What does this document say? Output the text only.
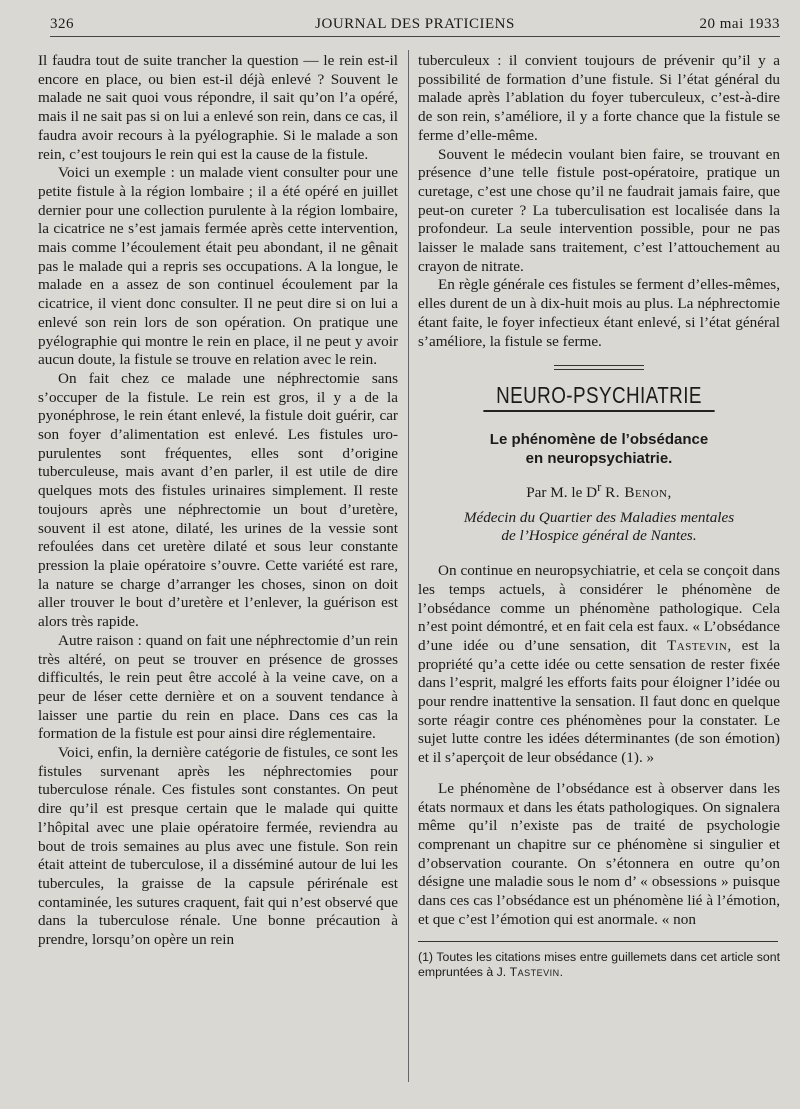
326	JOURNAL DES PRATICIENS	20 mai 1933

Il faudra tout de suite trancher la question — le rein est-il encore en place, ou bien est-il déjà enlevé ? Souvent le malade ne sait quoi vous répondre, il sait qu’on l’a opéré, mais il ne sait pas si on lui a enlevé son rein, dans ce cas, il faudra avoir recours à la pyélographie. Si le malade a son rein, c’est toujours le rein qui est la cause de la fistule.

Voici un exemple : un malade vient consulter pour une petite fistule à la région lombaire ; il a été opéré en juillet dernier pour une collection purulente à la région lombaire, la cicatrice ne s’est jamais fermée après cette intervention, mais comme l’écoulement était peu abondant, il ne gênait pas le malade qui a repris ses occupations. A la longue, le malade en a assez de son continuel écoulement par la cicatrice, il vient donc consulter. Il ne peut dire si on lui a enlevé son rein lors de son opération. On pratique une pyélographie qui montre le rein en place, il ne peut y avoir aucun doute, la fistule se trouve en relation avec le rein.

On fait chez ce malade une néphrectomie sans s’occuper de la fistule. Le rein est gros, il y a de la pyonéphrose, le rein étant enlevé, la fistule doit guérir, car son foyer d’alimentation est enlevé. Les fistules uro-purulentes sont fréquentes, elles sont d’origine tuberculeuse, mais avant d’en parler, il est utile de dire quelques mots des fistules urinaires simplement. Il reste toujours après une néphrectomie un bout d’uretère, souvent il est atone, dilaté, les urines de la vessie sont refoulées dans cet uretère dilaté et sous leur constante pression la plaie opératoire s’ouvre. Cette variété est rare, la nature se charge d’arranger les choses, sinon on doit aller trouver le bout d’uretère et l’enlever, la guérison est alors très rapide.

Autre raison : quand on fait une néphrectomie d’un rein très altéré, on peut se trouver en présence de grosses difficultés, le rein peut être accolé à la veine cave, on a peur de léser cette dernière et on a souvent tendance à laisser une partie du rein en place. Dans ces cas la formation de la fistule est pour ainsi dire réglementaire.

Voici, enfin, la dernière catégorie de fistules, ce sont les fistules survenant après les néphrectomies pour tuberculose rénale. Ces fistules sont constantes. On peut dire qu’il est presque certain que le malade qui quitte l’hôpital avec une plaie opératoire fermée, reviendra au bout de trois semaines au plus avec une fistule. Son rein était atteint de tuberculose, il a disséminé autour de lui les tubercules, la graisse de la capsule périrénale est contaminée, les sutures craquent, fait qui n’est observé que dans la tuberculose rénale. Une bonne précaution à prendre, lorsqu’on opère un rein

tuberculeux : il convient toujours de prévenir qu’il y a possibilité de formation d’une fistule. Si l’état général du malade après l’ablation du foyer tuberculeux, c’est-à-dire de son rein, s’améliore, il y a forte chance que la fistule se ferme d’elle-même.

Souvent le médecin voulant bien faire, se trouvant en présence d’une telle fistule post-opératoire, pratique un curetage, c’est une chose qu’il ne faudrait jamais faire, que peut-on cureter ? La tuberculisation est localisée dans la profondeur. La seule intervention possible, pour ne pas laisser le malade sans traitement, c’est l’attouchement au crayon de nitrate.

En règle générale ces fistules se ferment d’elles-mêmes, elles durent de un à dix-huit mois au plus. La néphrectomie étant faite, le foyer infectieux étant enlevé, si l’état général s’améliore, la fistule se ferme.

NEURO-PSYCHIATRIE
Le phénomène de l’obsédance
en neuropsychiatrie.
Par M. le $D^r$ R. Benon,
Médecin du Quartier des Maladies mentales
de l’Hospice général de Nantes.

On continue en neuropsychiatrie, et cela se conçoit dans les temps actuels, à considérer le phénomène de l’obsédance comme un phénomène pathologique. Cela n’est point démontré, et en fait cela est faux. « L’obsédance d’une idée ou d’une sensation, dit Tastevin, est la propriété qu’a cette idée ou cette sensation de rester fixée dans l’esprit, malgré les efforts faits pour éloigner l’idée ou pour rendre inattentive la sensation. Il faut donc en quelque sorte réagir contre ces phénomènes pour la constater. Le sujet lutte contre les idées déterminantes (de son émotion) et il s’aperçoit de leur obsédance (1). »

Le phénomène de l’obsédance est à observer dans les états normaux et dans les états pathologiques. On signalera même qu’il n’existe pas de traité de psychologie comprenant un chapitre sur ce phénomène si singulier et d’observation courante. On s’étonnera en outre qu’on désigne une maladie sous le nom d’ « obsessions » puisque dans ces cas l’obsédance est un phénomène lié à l’émotion, et que c’est l’émotion qui est anormale. « non

(1) Toutes les citations mises entre guillemets dans cet article sont empruntées à J. Tastevin.
